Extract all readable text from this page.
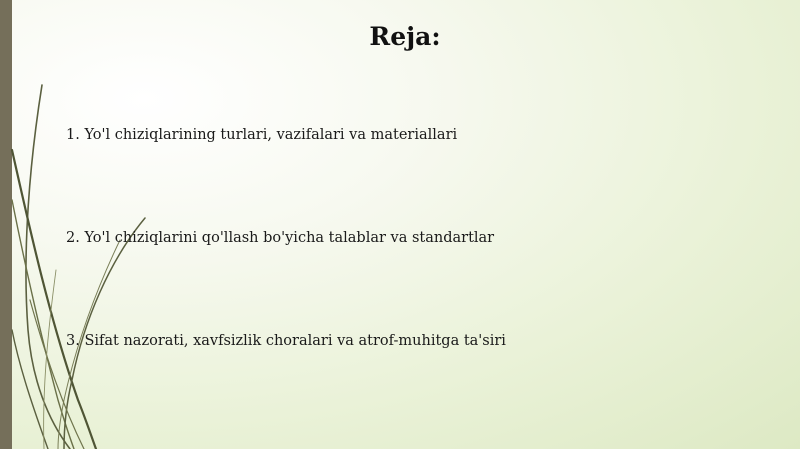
Reja:
1. Yo'l chiziqlarining turlari, vazifalari va materiallari
2. Yo'l chiziqlarini qo'llash bo'yicha talablar va standartlar
3. Sifat nazorati, xavfsizlik choralari va atrof-muhitga ta'siri
